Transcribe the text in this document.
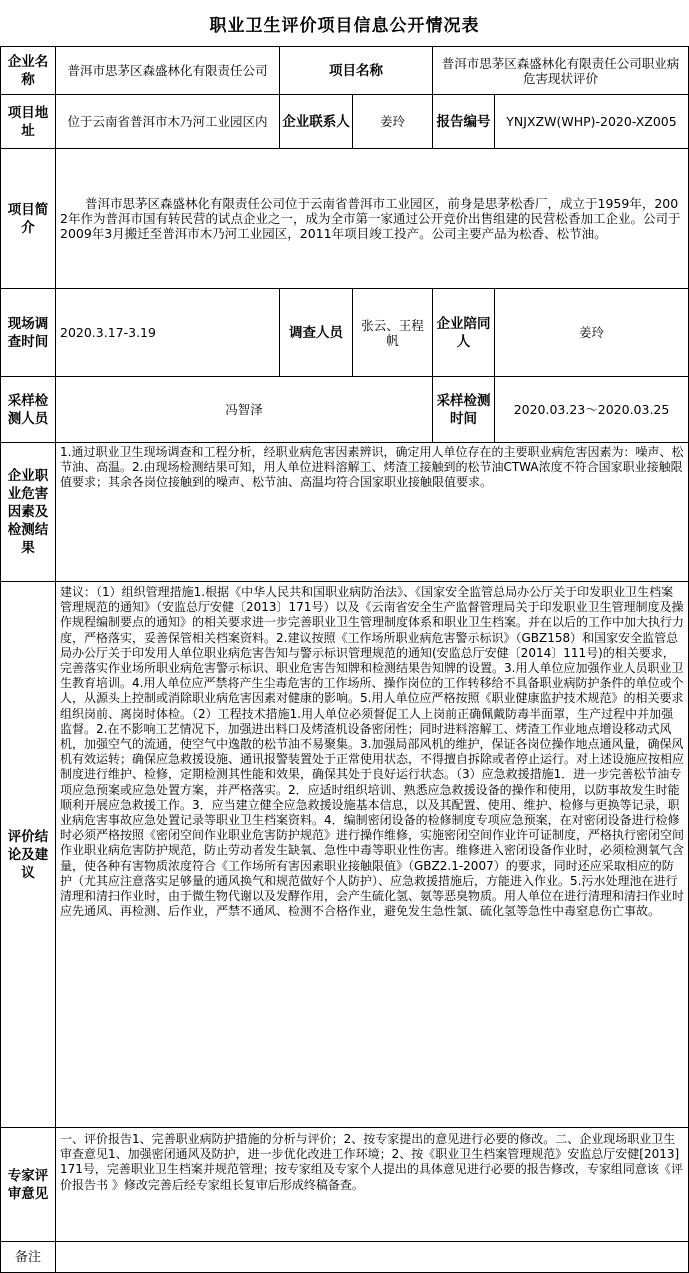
职业卫生评价项目信息公开情况表
企业名称	普洱市思茅区森盛林化有限责任公司	项目名称		普洱市思茅区森盛林化有限责任公司职业病危害现状评价	
项目地址	位于云南省普洱市木乃河工业园区内	企业联系人	姜玲	报告编号	YNJXZW(WHP)-2020-XZ005
项目简介	普洱市思茅区森盛林化有限责任公司位于云南省普洱市工业园区，前身是思茅松香厂，成立于1959年，2002年作为普洱市国有转民营的试点企业之一，成为全市第一家通过公开竞价出售组建的民营松香加工企业。公司于2009年3月搬迁至普洱市木乃河工业园区，2011年项目竣工投产。公司主要产品为松香、松节油。				
现场调查时间	2020.3.17-3.19	调查人员	张云、王程帆	企业陪同人	姜玲
采样检测人员	冯智泽			采样检测时间	2020.03.23～2020.03.25
企业职业危害因素及检测结果	1.通过职业卫生现场调查和工程分析，经职业病危害因素辨识，确定用人单位存在的主要职业病危害因素为：噪声、松节油、高温。2.由现场检测结果可知，用人单位进料溶解工、烤渣工接触到的松节油CTWA浓度不符合国家职业接触限值要求；其余各岗位接触到的噪声、松节油、高温均符合国家职业接触限值要求。				
评价结论及建议	建议：（1）组织管理措施1.根据《中华人民共和国职业病防治法》、《国家安全监管总局办公厅关于印发职业卫生档案管理规范的通知》（安监总厅安健〔2013〕171号）以及《云南省安全生产监督管理局关于印发职业卫生管理制度及操作规程编制要点的通知》的相关要求进一步完善职业卫生管理制度体系和职业卫生档案。并在以后的工作中加大执行力度，严格落实，妥善保管相关档案资料。2.建议按照《工作场所职业病危害警示标识》（GBZ158）和国家安全监管总局办公厅关于印发用人单位职业病危害告知与警示标识管理规范的通知(安监总厅安健〔2014〕111号)的相关要求，完善落实作业场所职业病危害警示标识、职业危害告知牌和检测结果告知牌的设置。3.用人单位应加强作业人员职业卫生教育培训。4.用人单位应严禁将产生尘毒危害的工作场所、操作岗位的工作转移给不具备职业病防护条件的单位或个人，从源头上控制或消除职业病危害因素对健康的影响。5.用人单位应严格按照《职业健康监护技术规范》的相关要求组织岗前、离岗时体检。（2）工程技术措施1.用人单位必须督促工人上岗前正确佩戴防毒半面罩，生产过程中并加强监督。2.在不影响工艺情况下，加强进出料口及烤渣机设备密闭性；同时进料溶解工、烤渣工作业地点增设移动式风机，加强空气的流通，使空气中逸散的松节油不易聚集。3.加强局部风机的维护，保证各岗位操作地点通风量，确保风机有效运转；确保应急救援设施、通讯报警装置处于正常使用状态，不得擅自拆除或者停止运行。对上述设施应按相应制度进行维护、检修，定期检测其性能和效果，确保其处于良好运行状态。（3）应急救援措施1．进一步完善松节油专项应急预案或应急处置方案，并严格落实。2．应适时组织培训、熟悉应急救援设备的操作和使用，以防事故发生时能顺利开展应急救援工作。3．应当建立健全应急救援设施基本信息，以及其配置、使用、维护、检修与更换等记录，职业病危害事故应急处置记录等职业卫生档案资料。4．编制密闭设备的检修制度专项应急预案，在对密闭设备进行检修时必须严格按照《密闭空间作业职业危害防护规范》进行操作维修，实施密闭空间作业许可证制度，严格执行密闭空间作业职业病危害防护规范，防止劳动者发生缺氧、急性中毒等职业性伤害。维修进入密闭设备作业时，必须检测氧气含量，使各种有害物质浓度符合《工作场所有害因素职业接触限值》（GBZ2.1-2007）的要求，同时还应采取相应的防护（尤其应注意落实足够量的通风换气和规范做好个人防护）、应急救援措施后，方能进入作业。5.污水处理池在进行清理和清扫作业时，由于微生物代谢以及发酵作用，会产生硫化氢、氨等恶臭物质。用人单位在进行清理和清扫作业时应先通风、再检测、后作业，严禁不通风、检测不合格作业，避免发生急性氯、硫化氢等急性中毒窒息伤亡事故。				
专家评审意见	一、评价报告1、完善职业病防护措施的分析与评价；2、按专家提出的意见进行必要的修改。二、企业现场职业卫生审查意见1、加强密闭通风及防护，进一步优化改进工作环境；2、按《职业卫生档案管理规范》安监总厅安健[2013]171号，完善职业卫生档案并规范管理；按专家组及专家个人提出的具体意见进行必要的报告修改，专家组同意该《评价报告书 》修改完善后经专家组长复审后形成终稿备查。				
备注					
